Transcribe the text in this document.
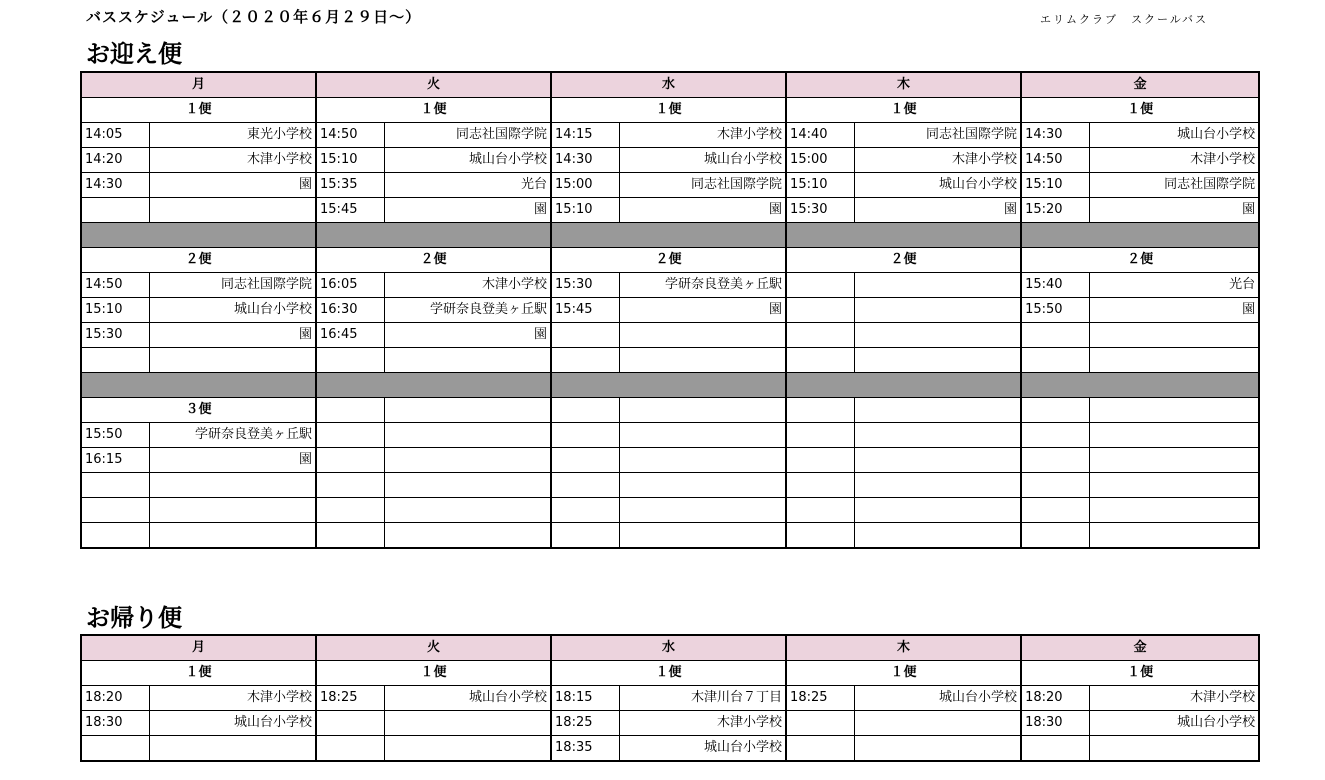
バススケジュール（２０２０年６月２９日〜）	エリムクラブ　スクールバス
お迎え便
月		火		水		木		金	
１便		１便		１便		１便		１便	
14:05	東光小学校	14:50	同志社国際学院	14:15	木津小学校	14:40	同志社国際学院	14:30	城山台小学校
14:20	木津小学校	15:10	城山台小学校	14:30	城山台小学校	15:00	木津小学校	14:50	木津小学校
14:30	園	15:35	光台	15:00	同志社国際学院	15:10	城山台小学校	15:10	同志社国際学院
		15:45	園	15:10	園	15:30	園	15:20	園

２便		２便		２便		２便		２便	
14:50	同志社国際学院	16:05	木津小学校	15:30	学研奈良登美ヶ丘駅			15:40	光台
15:10	城山台小学校	16:30	学研奈良登美ヶ丘駅	15:45	園			15:50	園
15:30	園	16:45	園						

３便									
15:50	学研奈良登美ヶ丘駅								
16:15	園								

お帰り便
月		火		水		木		金	
１便		１便		１便		１便		１便	
18:20	木津小学校	18:25	城山台小学校	18:15	木津川台７丁目	18:25	城山台小学校	18:20	木津小学校
18:30	城山台小学校			18:25	木津小学校			18:30	城山台小学校
				18:35	城山台小学校				
